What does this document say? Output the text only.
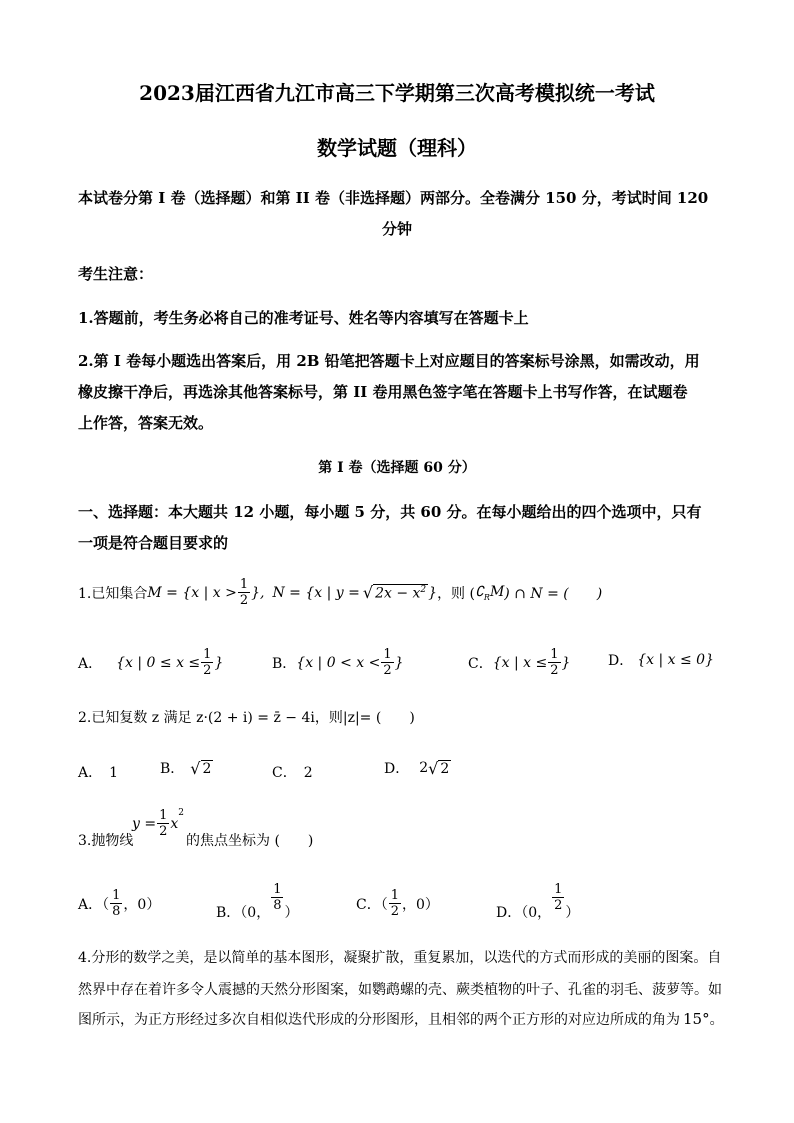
2023届江西省九江市高三下学期第三次高考模拟统一考试
数学试题（理科）
本试卷分第 I 卷（选择题）和第 II 卷（非选择题）两部分。全卷满分 150 分，考试时间 120
分钟
考生注意：
1.答题前，考生务必将自己的准考证号、姓名等内容填写在答题卡上
2.第 I 卷每小题选出答案后，用 2B 铅笔把答题卡上对应题目的答案标号涂黑，如需改动，用
橡皮擦干净后，再选涂其他答案标号，第 II 卷用黑色签字笔在答题卡上书写作答，在试题卷
上作答，答案无效。
第 I 卷（选择题 60 分）
一、选择题：本大题共 12 小题，每小题 5 分，共 60 分。在每小题给出的四个选项中，只有
一项是符合题目要求的
1.已知集合 M = {x | $x > \frac{1}{2}$ }, N = {x | y = √ $2x - x^2$ } ，则 ( $∁_RM$ ) ∩ N = (　　)
A． {x | $0 \le x \le \frac{1}{2}$ }	B． {x | $0 < x < \frac{1}{2}$ }	C． {x | $x \le \frac{1}{2}$ }	D． {x | x ≤ 0}
2.已知复数 z 满足 z·(2 + i) = z̄ − 4i，则|z|= (　　)
A．　1	B． √ 2	C．　2	D． 2 √ 2
3.抛物线
$y = \frac{1}{2}$ x
$^2$
的焦点坐标为 (　　)
A．（ $\frac{1}{8}$ ，0）
B．（0，
$\frac{1}{8}$
）
C．（ $\frac{1}{2}$ ，0）
D．（0，
$\frac{1}{2}$
）
4.分形的数学之美，是以简单的基本图形，凝聚扩散，重复累加，以迭代的方式而形成的美丽的图案。自
然界中存在着许多令人震撼的天然分形图案，如鹦鹉螺的壳、蕨类植物的叶子、孔雀的羽毛、菠萝等。如
图所示，为正方形经过多次自相似迭代形成的分形图形，且相邻的两个正方形的对应边所成的角为 15° 。
